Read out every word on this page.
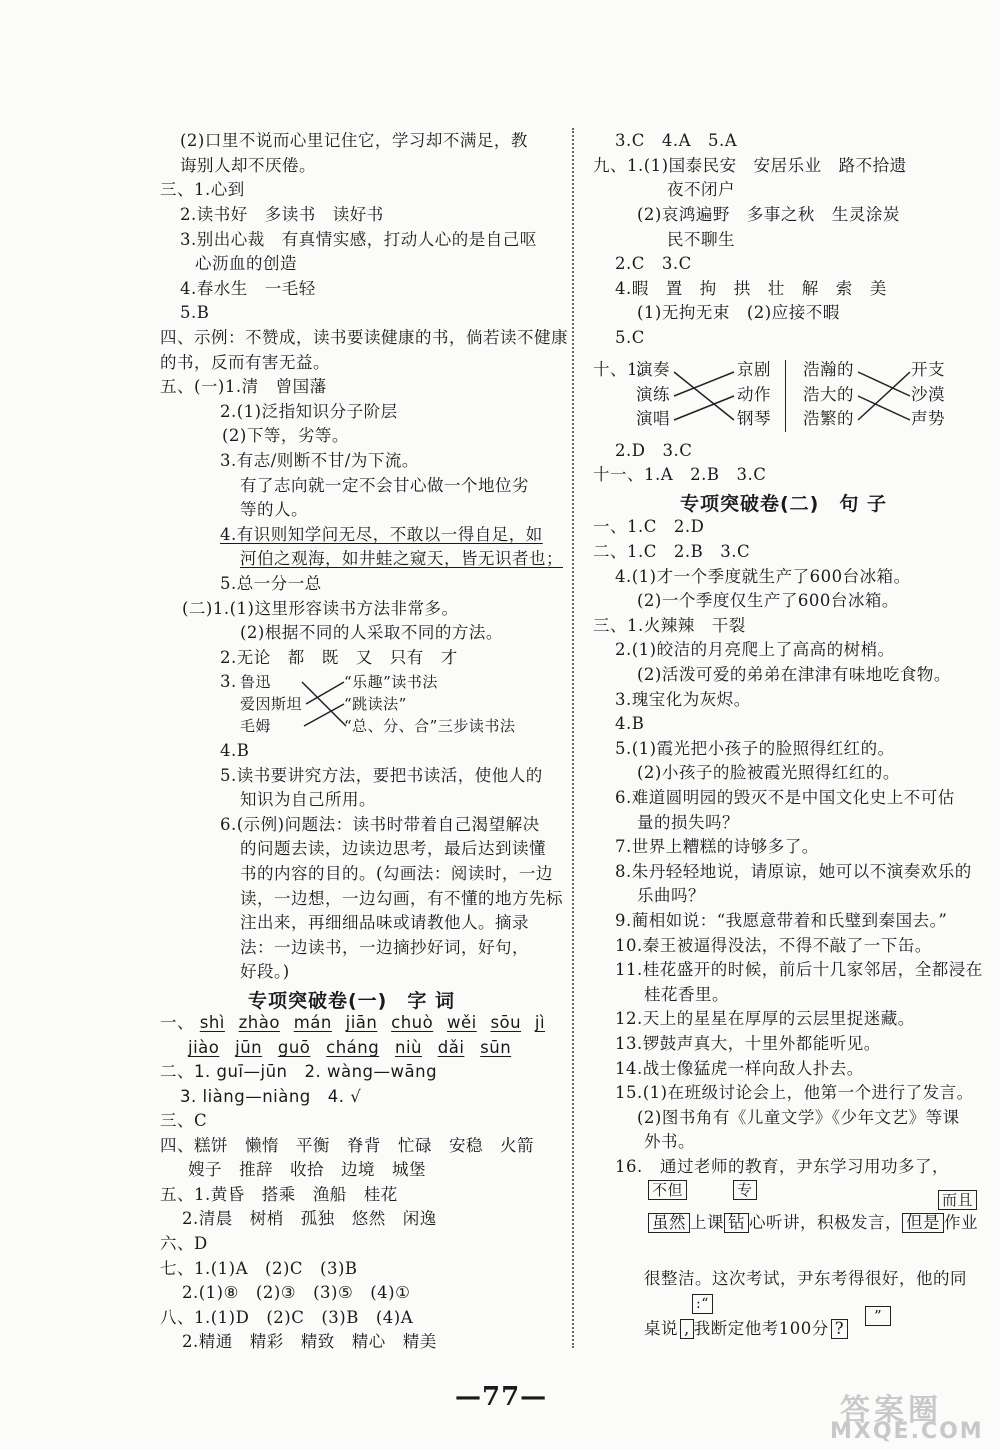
(2)口里不说而心里记住它，学习却不满足，教
诲别人却不厌倦。
三、1.心到
2.读书好　多读书　读好书
3.别出心裁　有真情实感，打动人心的是自己呕
心沥血的创造
4.春水生　一毛轻
5.B
四、示例：不赞成，读书要读健康的书，倘若读不健康
的书，反而有害无益。
五、(一)1.清　曾国藩
2.(1)泛指知识分子阶层
(2)下等，劣等。
3.有志/则断不甘/为下流。
有了志向就一定不会甘心做一个地位劣
等的人。
4.有识则知学问无尽，不敢以一得自足，如
河伯之观海，如井蛙之窥天，皆无识者也；
5.总一分一总
(二)1.(1)这里形容读书方法非常多。
(2)根据不同的人采取不同的方法。
2.无论　都　既　又　只有　才
3. 鲁迅
爱因斯坦
毛姆
“乐趣”读书法
“跳读法”
“总、分、合”三步读书法
4.B
5.读书要讲究方法，要把书读活，使他人的
知识为自己所用。
6.(示例)问题法：读书时带着自己渴望解决
的问题去读，边读边思考，最后达到读懂
书的内容的目的。(勾画法：阅读时，一边
读，一边想，一边勾画，有不懂的地方先标
注出来，再细细品味或请教他人。摘录
法：一边读书，一边摘抄好词，好句，
好段。)
专项突破卷(一)　字 词
一、 shì zhào mán jiān chuò wěi sōu jì
jiào jūn guō cháng niù dǎi sūn
二、1. guī—jūn　2. wàng—wāng
3. liàng—niàng　4. √
三、C
四、糕饼　懒惰　平衡　脊背　忙碌　安稳　火箭
嫂子　推辞　收拾　边境　城堡
五、1.黄昏　搭乘　渔船　桂花
2.清晨　树梢　孤独　悠然　闲逸
六、D
七、1.(1)A　(2)C　(3)B
2.(1)⑧　(2)③　(3)⑤　(4)①
八、1.(1)D　(2)C　(3)B　(4)A
2.精通　精彩　精致　精心　精美
3.C　4.A　5.A
九、1.(1)国泰民安　安居乐业　路不拾遗
夜不闭户
(2)哀鸿遍野　多事之秋　生灵涂炭
民不聊生
2.C　3.C
4.暇　置　拘　拱　壮　解　索　美
(1)无拘无束　(2)应接不暇
5.C
十、1.
演奏
演练
演唱
京剧
动作
钢琴
浩瀚的
浩大的
浩繁的
开支
沙漠
声势
2.D　3.C
十一、1.A　2.B　3.C
专项突破卷(二)　句 子
一、1.C　2.D
二、1.C　2.B　3.C
4.(1)才一个季度就生产了600台冰箱。
(2)一个季度仅生产了600台冰箱。
三、1.火辣辣　干裂
2.(1)皎洁的月亮爬上了高高的树梢。
(2)活泼可爱的弟弟在津津有味地吃食物。
3.瑰宝化为灰烬。
4.B
5.(1)霞光把小孩子的脸照得红红的。
(2)小孩子的脸被霞光照得红红的。
6.难道圆明园的毁灭不是中国文化史上不可估
量的损失吗？
7.世界上糟糕的诗够多了。
8.朱丹轻轻地说，请原谅，她可以不演奏欢乐的
乐曲吗？
9.蔺相如说：“我愿意带着和氏璧到秦国去。”
10.秦王被逼得没法，不得不敲了一下缶。
11.桂花盛开的时候，前后十几家邻居，全都浸在
桂花香里。
12.天上的星星在厚厚的云层里捉迷藏。
13.锣鼓声真大，十里外都能听见。
14.战士像猛虎一样向敌人扑去。
15.(1)在班级讨论会上，他第一个进行了发言。
(2)图书角有《儿童文学》《少年文艺》等课
外书。
16. 通过老师的教育，尹东学习用功多了，
不但	专
而且
虽然 上课 钻 心听讲，积极发言， 但是 作业
很整洁。这次考试，尹东考得很好，他的同
:“
桌说 , 我断定他考100分 ?
”
—77—	答案圈
MXQE.COM
